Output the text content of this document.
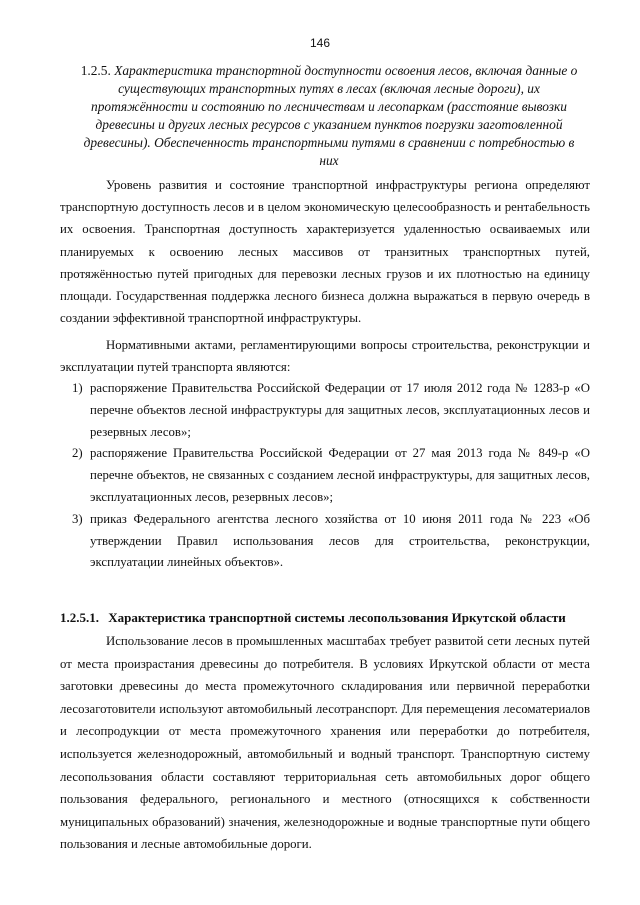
146
1.2.5. Характеристика транспортной доступности освоения лесов, включая данные о существующих транспортных путях в лесах (включая лесные дороги), их протяжённости и состоянию по лесничествам и лесопаркам (расстояние вывозки древесины и других лесных ресурсов с указанием пунктов погрузки заготовленной древесины). Обеспеченность транспортными путями в сравнении с потребностью в них

Уровень развития и состояние транспортной инфраструктуры региона определяют транспортную доступность лесов и в целом экономическую целесообразность и рентабельность их освоения. Транспортная доступность характеризуется удаленностью осваиваемых или планируемых к освоению лесных массивов от транзитных транспортных путей, протяжённостью путей пригодных для перевозки лесных грузов и их плотностью на единицу площади. Государственная поддержка лесного бизнеса должна выражаться в первую очередь в создании эффективной транспортной инфраструктуры.

Нормативными актами, регламентирующими вопросы строительства, реконструкции и эксплуатации путей транспорта являются:

1) распоряжение Правительства Российской Федерации от 17 июля 2012 года № 1283-р «О перечне объектов лесной инфраструктуры для защитных лесов, эксплуатационных лесов и резервных лесов»;
2) распоряжение Правительства Российской Федерации от 27 мая 2013 года № 849-р «О перечне объектов, не связанных с созданием лесной инфраструктуры, для защитных лесов, эксплуатационных лесов, резервных лесов»;
3) приказ Федерального агентства лесного хозяйства от 10 июня 2011 года № 223 «Об утверждении Правил использования лесов для строительства, реконструкции, эксплуатации линейных объектов».
1.2.5.1. Характеристика транспортной системы лесопользования Иркутской области

Использование лесов в промышленных масштабах требует развитой сети лесных путей от места произрастания древесины до потребителя. В условиях Иркутской области от места заготовки древесины до места промежуточного складирования или первичной переработки лесозаготовители используют автомобильный лесотранспорт. Для перемещения лесоматериалов и лесопродукции от места промежуточного хранения или переработки до потребителя, используется железнодорожный, автомобильный и водный транспорт. Транспортную систему лесопользования области составляют территориальная сеть автомобильных дорог общего пользования федерального, регионального и местного (относящихся к собственности муниципальных образований) значения, железнодорожные и водные транспортные пути общего пользования и лесные автомобильные дороги.
